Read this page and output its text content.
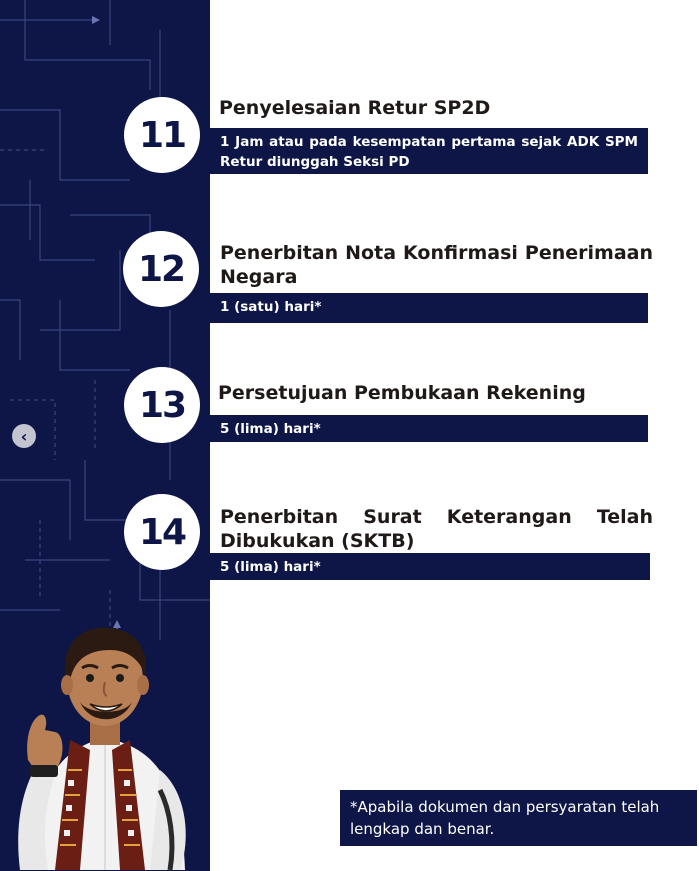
‹
11
Penyelesaian Retur SP2D
1 Jam atau pada kesempatan pertama sejak ADK SPM Retur diunggah Seksi PD
12	Penerbitan Nota Konfirmasi Penerimaan Negara
1 (satu) hari*
13	Persetujuan Pembukaan Rekening
5 (lima) hari*
14	Penerbitan Surat Keterangan Telah Dibukukan (SKTB)
5 (lima) hari*
*Apabila dokumen dan persyaratan telah lengkap dan benar.
